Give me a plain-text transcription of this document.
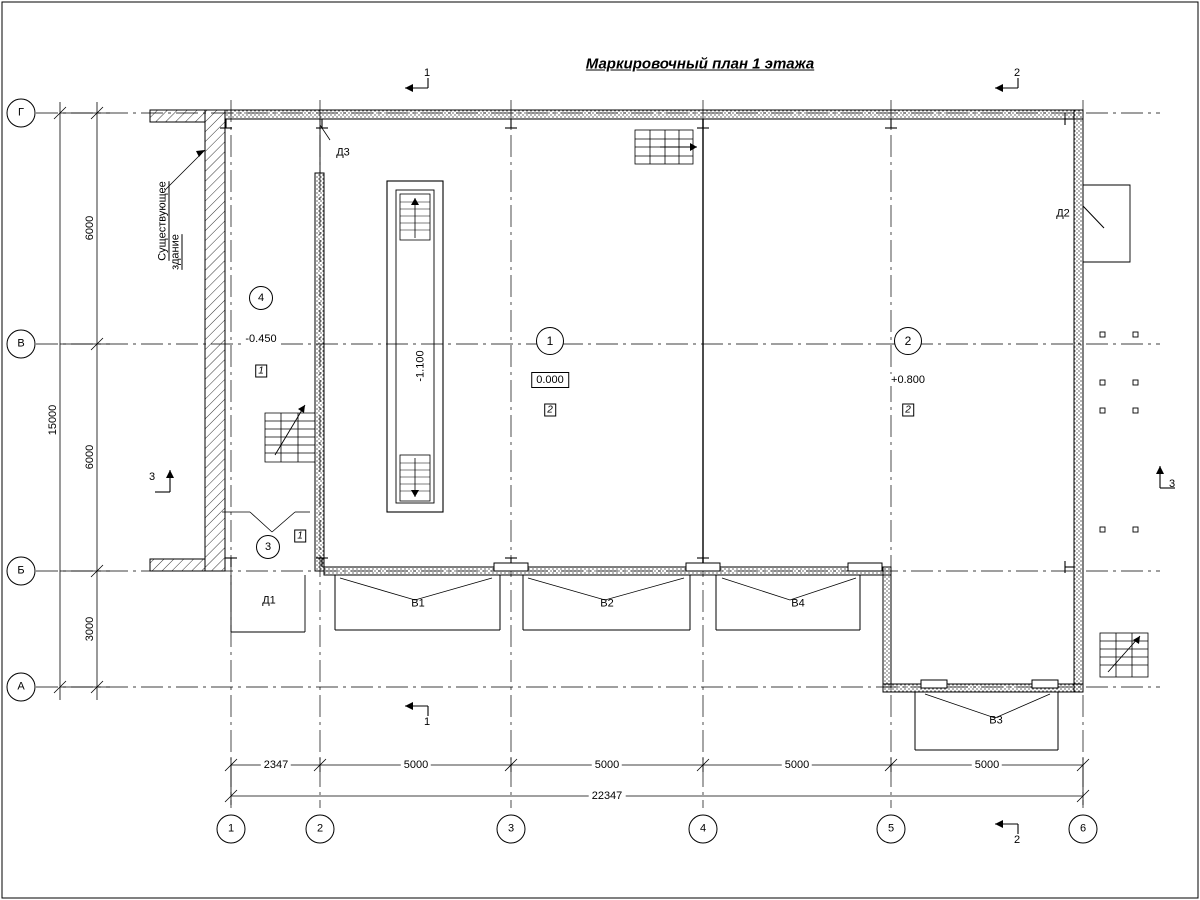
Маркировочный план 1 этажа
Г
В
Б
А
1	2	3	4	5	6
6000
6000
3000
15000
2347	5000	5000	5000	5000
22347
1
0.000
2
2
+0.800
2
3
1
4
-0.450
1	-1.100
Существующее здание
Д1
Д2
Д3
В1	В2
В3
В4
1	2
1
2
3
3
